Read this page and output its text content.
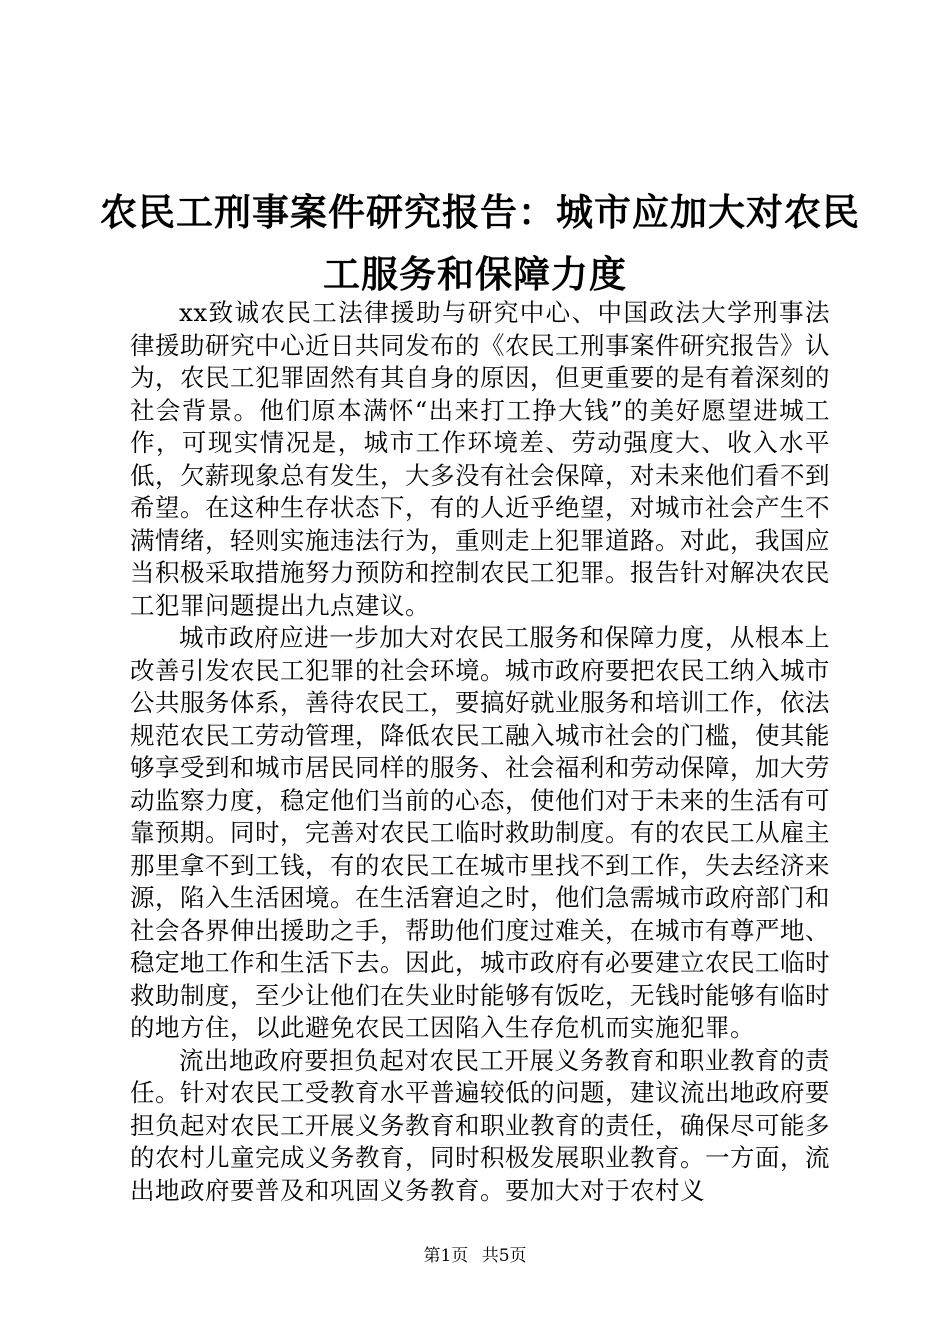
农民工刑事案件研究报告：城市应加大对农民
工服务和保障力度

xx致诚农民工法律援助与研究中心、中国政法大学刑事法律援助研究中心近日共同发布的《农民工刑事案件研究报告》认为，农民工犯罪固然有其自身的原因，但更重要的是有着深刻的社会背景。他们原本满怀“出来打工挣大钱”的美好愿望进城工作，可现实情况是，城市工作环境差、劳动强度大、收入水平低，欠薪现象总有发生，大多没有社会保障，对未来他们看不到希望。在这种生存状态下，有的人近乎绝望，对城市社会产生不满情绪，轻则实施违法行为，重则走上犯罪道路。对此，我国应当积极采取措施努力预防和控制农民工犯罪。报告针对解决农民工犯罪问题提出九点建议。

城市政府应进一步加大对农民工服务和保障力度，从根本上改善引发农民工犯罪的社会环境。城市政府要把农民工纳入城市公共服务体系，善待农民工，要搞好就业服务和培训工作，依法规范农民工劳动管理，降低农民工融入城市社会的门槛，使其能够享受到和城市居民同样的服务、社会福利和劳动保障，加大劳动监察力度，稳定他们当前的心态，使他们对于未来的生活有可靠预期。同时，完善对农民工临时救助制度。有的农民工从雇主那里拿不到工钱，有的农民工在城市里找不到工作，失去经济来源，陷入生活困境。在生活窘迫之时，他们急需城市政府部门和社会各界伸出援助之手，帮助他们度过难关，在城市有尊严地、稳定地工作和生活下去。因此，城市政府有必要建立农民工临时救助制度，至少让他们在失业时能够有饭吃，无钱时能够有临时的地方住，以此避免农民工因陷入生存危机而实施犯罪。

流出地政府要担负起对农民工开展义务教育和职业教育的责任。针对农民工受教育水平普遍较低的问题，建议流出地政府要担负起对农民工开展义务教育和职业教育的责任，确保尽可能多的农村儿童完成义务教育，同时积极发展职业教育。一方面，流出地政府要普及和巩固义务教育。要加大对于农村义

第1页 共5页
